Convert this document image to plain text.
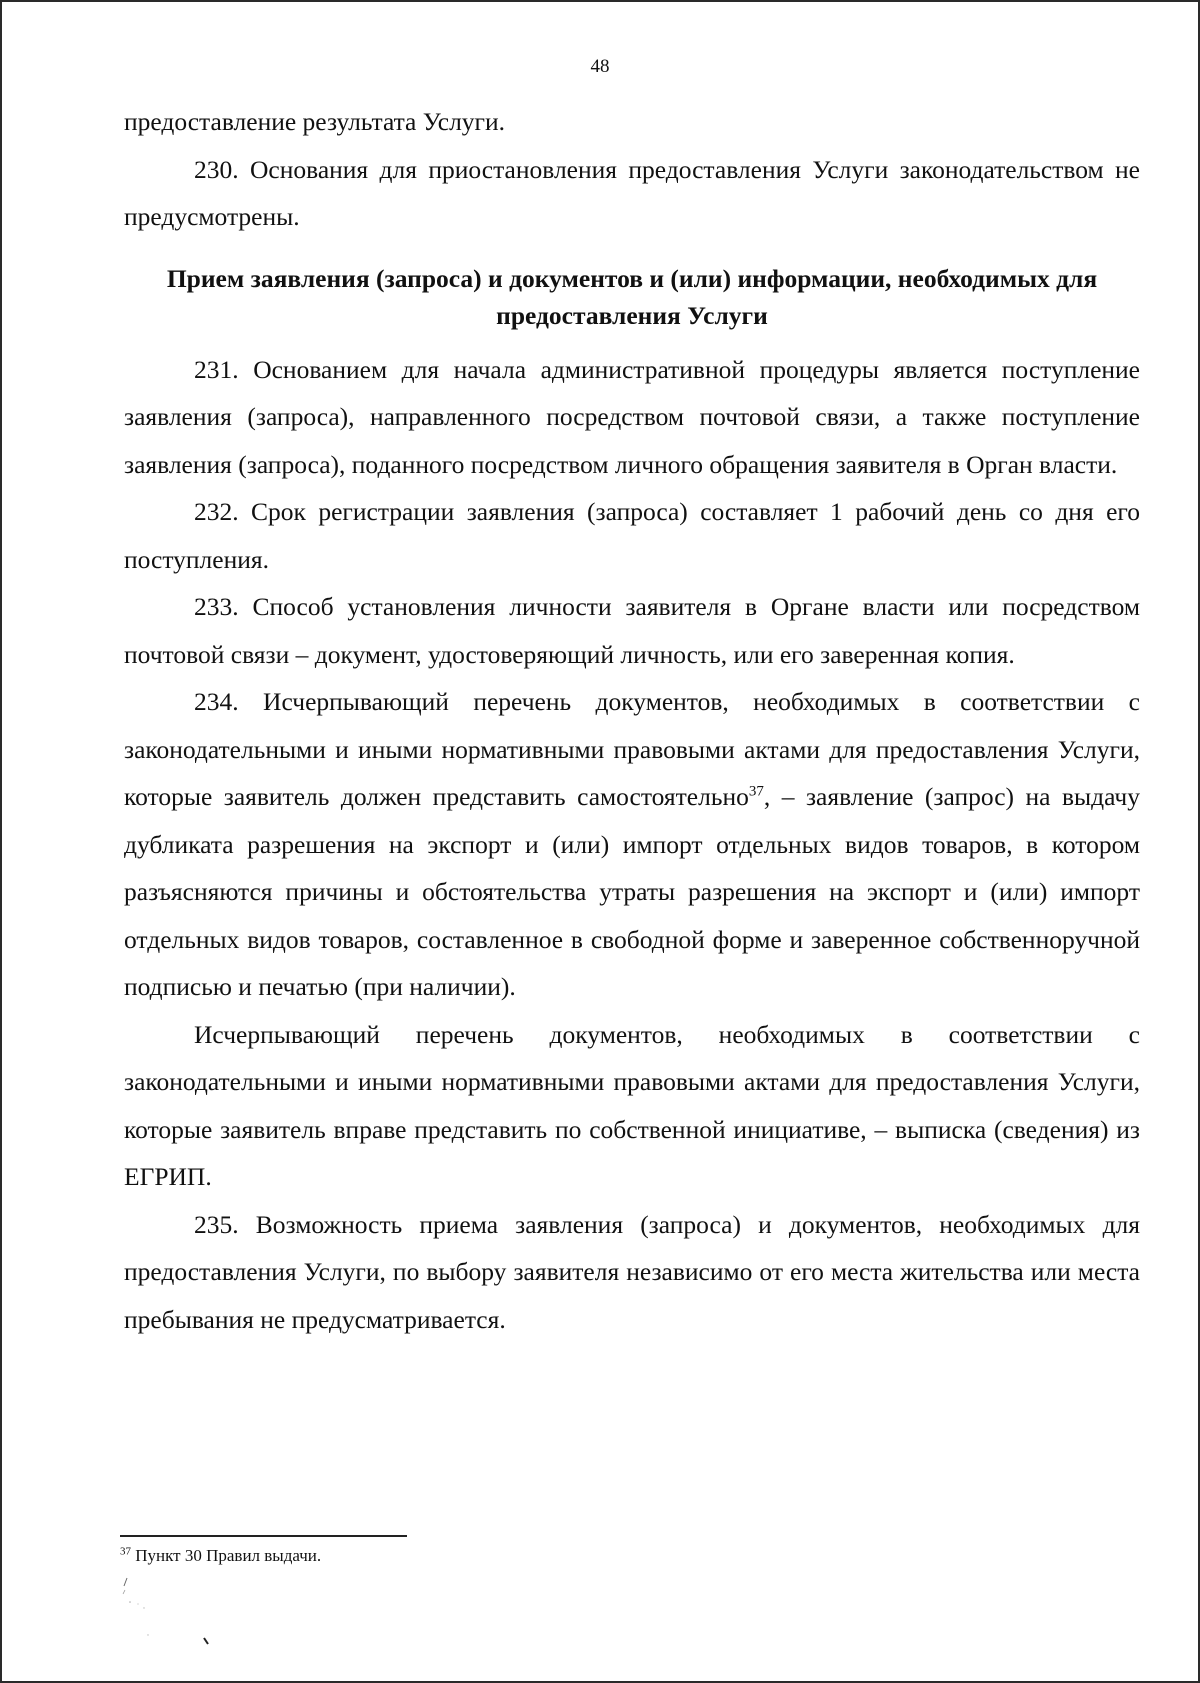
48

предоставление результата Услуги.

230. Основания для приостановления предоставления Услуги законодательством не предусмотрены.

Прием заявления (запроса) и документов и (или) информации, необходимых для предоставления Услуги

231. Основанием для начала административной процедуры является поступление заявления (запроса), направленного посредством почтовой связи, а также поступление заявления (запроса), поданного посредством личного обращения заявителя в Орган власти.

232. Срок регистрации заявления (запроса) составляет 1 рабочий день со дня его поступления.

233. Способ установления личности заявителя в Органе власти или посредством почтовой связи – документ, удостоверяющий личность, или его заверенная копия.

234. Исчерпывающий перечень документов, необходимых в соответствии с законодательными и иными нормативными правовыми актами для предоставления Услуги, которые заявитель должен представить самостоятельно$^{37}$, – заявление (запрос) на выдачу дубликата разрешения на экспорт и (или) импорт отдельных видов товаров, в котором разъясняются причины и обстоятельства утраты разрешения на экспорт и (или) импорт отдельных видов товаров, составленное в свободной форме и заверенное собственноручной подписью и печатью (при наличии).

Исчерпывающий перечень документов, необходимых в соответствии с законодательными и иными нормативными правовыми актами для предоставления Услуги, которые заявитель вправе представить по собственной инициативе, – выписка (сведения) из ЕГРИП.

235. Возможность приема заявления (запроса) и документов, необходимых для предоставления Услуги, по выбору заявителя независимо от его места жительства или места пребывания не предусматривается.

$^{37}$ Пункт 30 Правил выдачи.
